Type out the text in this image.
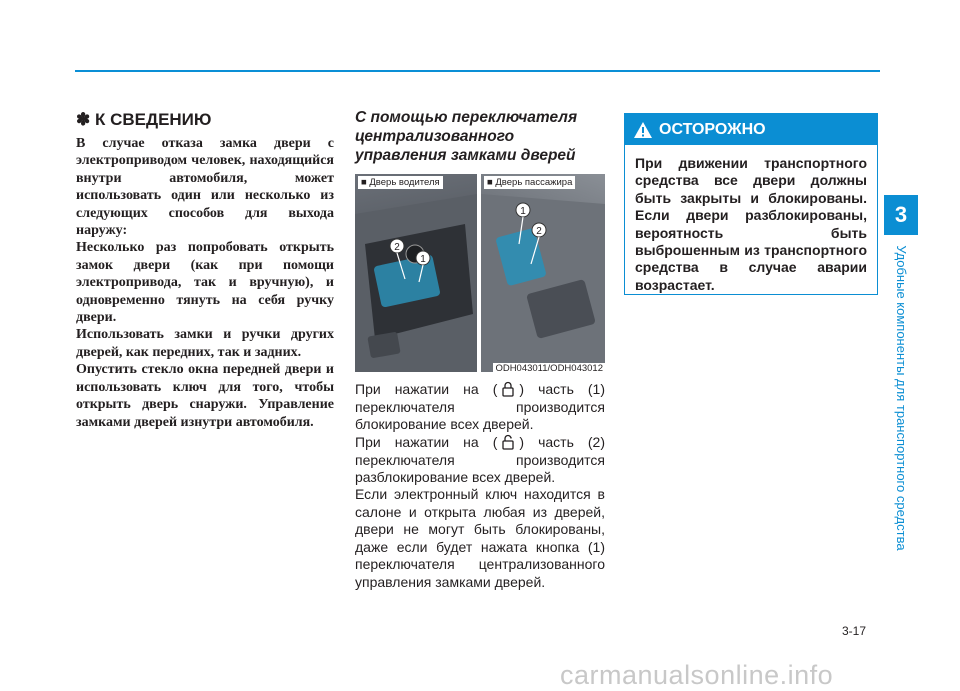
3
Удобные компоненты для транспортного средства

✽ К СВЕДЕНИЮ

В случае отказа замка двери с электроприводом человек, находящийся внутри автомобиля, может использовать один или несколько из следующих способов для выхода наружу:

Несколько раз попробовать открыть замок двери (как при помощи электропривода, так и вручную), и одновременно тянуть на себя ручку двери.

Использовать замки и ручки других дверей, как передних, так и задних.

Опустить стекло окна передней двери и использовать ключ для того, чтобы открыть дверь снаружи. Управление замками дверей изнутри автомобиля.

С помощью переключателя централизованного управления замками дверей

2
1
■ Дверь водителя
1
2
■ Дверь пассажира
ODH043011/ODH043012

При нажатии на ( ) часть (1) переключателя производится блокирование всех дверей.

При нажатии на ( ) часть (2) переключателя производится разблокирование всех дверей.

Если электронный ключ находится в салоне и открыта любая из дверей, двери не могут быть блокированы, даже если будет нажата кнопка (1) переключателя централизованного управления замками дверей.

ОСТОРОЖНО
При движении транспортного средства все двери должны быть закрыты и блокированы. Если двери разблокированы, вероятность быть выброшенным из транспортного средства в случае аварии возрастает.
3-17
carmanualsonline.info
